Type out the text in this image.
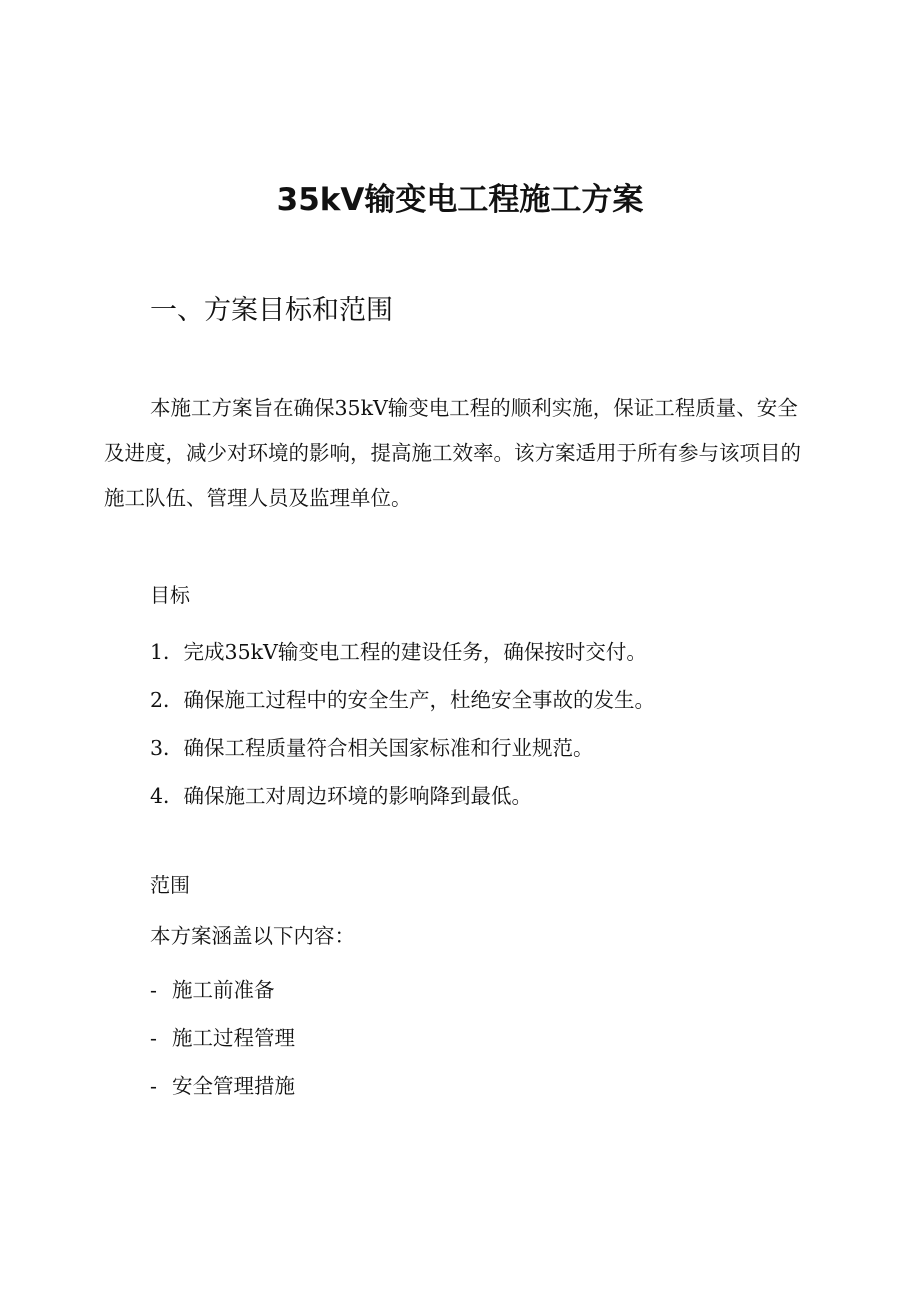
35kV输变电工程施工方案
一、方案目标和范围

本施工方案旨在确保35kV输变电工程的顺利实施，保证工程质量、安全及进度，减少对环境的影响，提高施工效率。该方案适用于所有参与该项目的施工队伍、管理人员及监理单位。

目标
1．完成35kV输变电工程的建设任务，确保按时交付。
2．确保施工过程中的安全生产，杜绝安全事故的发生。
3．确保工程质量符合相关国家标准和行业规范。
4．确保施工对周边环境的影响降到最低。
范围

本方案涵盖以下内容：

- 施工前准备
- 施工过程管理
- 安全管理措施
